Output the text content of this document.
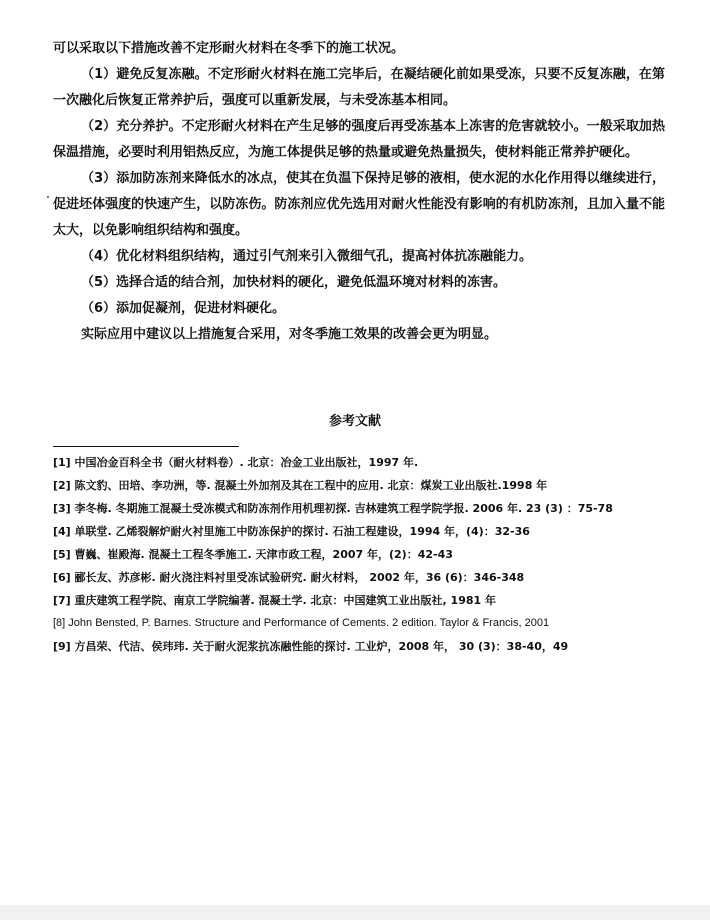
可以采取以下措施改善不定形耐火材料在冬季下的施工状况。

（1）避免反复冻融。不定形耐火材料在施工完毕后，在凝结硬化前如果受冻，只要不反复冻融，在第一次融化后恢复正常养护后，强度可以重新发展，与未受冻基本相同。

（2）充分养护。不定形耐火材料在产生足够的强度后再受冻基本上冻害的危害就较小。一般采取加热保温措施，必要时利用铝热反应，为施工体提供足够的热量或避免热量损失，使材料能正常养护硬化。

（3）添加防冻剂来降低水的冰点，使其在负温下保持足够的液相，使水泥的水化作用得以继续进行，促进坯体强度的快速产生，以防冻伤。防冻剂应优先选用对耐火性能没有影响的有机防冻剂，且加入量不能太大，以免影响组织结构和强度。

（4）优化材料组织结构，通过引气剂来引入微细气孔，提高衬体抗冻融能力。

（5）选择合适的结合剂，加快材料的硬化，避免低温环境对材料的冻害。

（6）添加促凝剂，促进材料硬化。

实际应用中建议以上措施复合采用，对冬季施工效果的改善会更为明显。

参考文献
[1] 中国冶金百科全书（耐火材料卷）. 北京：冶金工业出版社，1997 年.
[2] 陈文豹、田培、李功洲，等. 混凝土外加剂及其在工程中的应用. 北京：煤炭工业出版社.1998 年
[3] 李冬梅. 冬期施工混凝土受冻模式和防冻剂作用机理初探. 吉林建筑工程学院学报. 2006 年. 23 (3) ：75-78
[4] 单联堂. 乙烯裂解炉耐火衬里施工中防冻保护的探讨. 石油工程建设，1994 年，(4)：32-36
[5] 曹巍、崔殿海. 混凝土工程冬季施工. 天津市政工程，2007 年，(2)：42-43
[6] 郦长友、苏彦彬. 耐火浇注料衬里受冻试验研究. 耐火材料， 2002 年，36 (6)：346-348
[7] 重庆建筑工程学院、南京工学院编著. 混凝土学. 北京：中国建筑工业出版社, 1981 年
[8] John Bensted, P. Barnes. Structure and Performance of Cements. 2 edition. Taylor & Francis, 2001
[9] 方昌荣、代洁、侯玮玮. 关于耐火泥浆抗冻融性能的探讨. 工业炉，2008 年， 30 (3)：38-40，49
